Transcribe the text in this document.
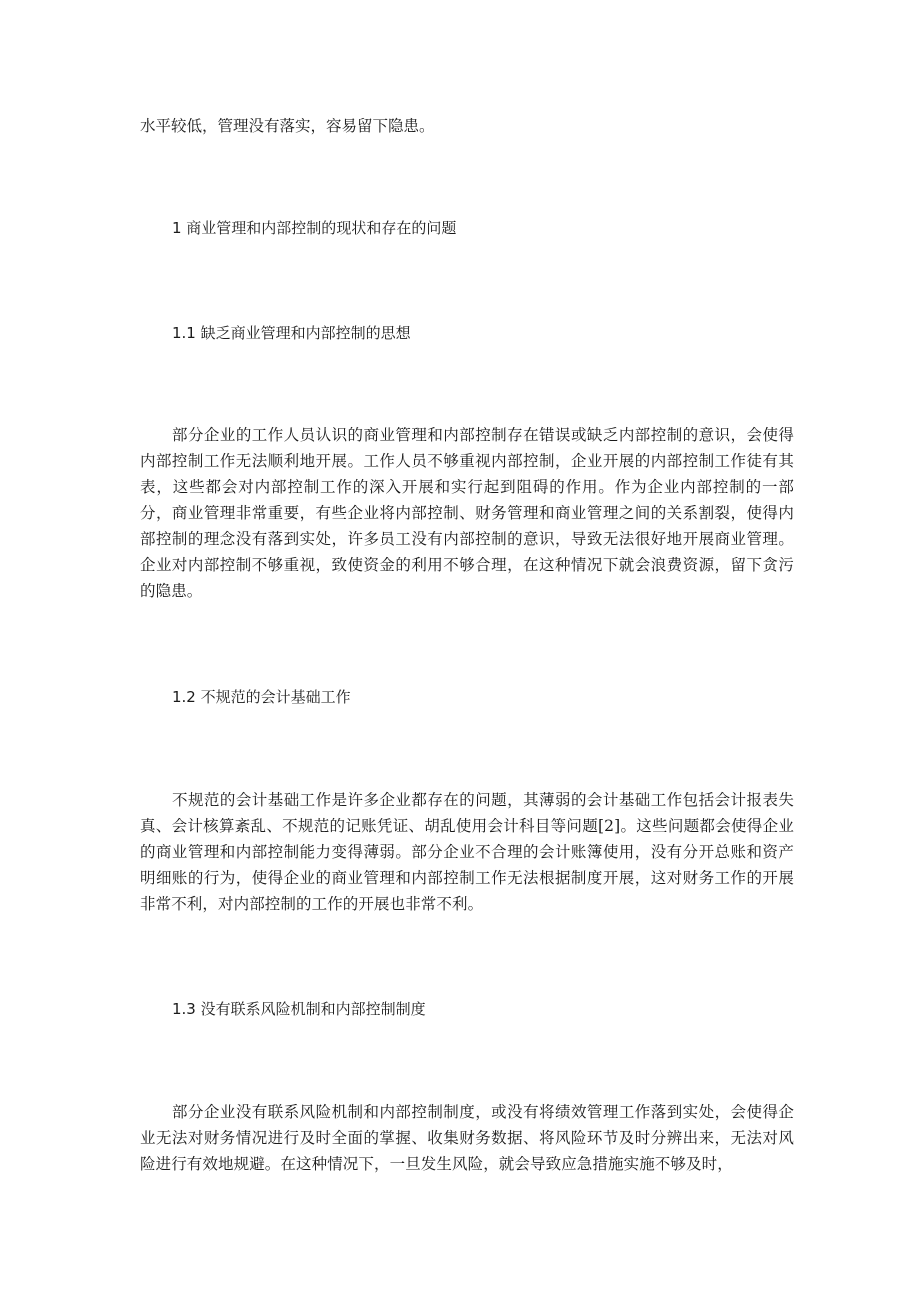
水平较低，管理没有落实，容易留下隐患。
1 商业管理和内部控制的现状和存在的问题
1.1 缺乏商业管理和内部控制的思想
部分企业的工作人员认识的商业管理和内部控制存在错误或缺乏内部控制的意识，会使得内部控制工作无法顺利地开展。工作人员不够重视内部控制，企业开展的内部控制工作徒有其表，这些都会对内部控制工作的深入开展和实行起到阻碍的作用。作为企业内部控制的一部分，商业管理非常重要，有些企业将内部控制、财务管理和商业管理之间的关系割裂，使得内部控制的理念没有落到实处，许多员工没有内部控制的意识，导致无法很好地开展商业管理。企业对内部控制不够重视，致使资金的利用不够合理，在这种情况下就会浪费资源，留下贪污的隐患。
1.2 不规范的会计基础工作
不规范的会计基础工作是许多企业都存在的问题，其薄弱的会计基础工作包括会计报表失真、会计核算紊乱、不规范的记账凭证、胡乱使用会计科目等问题[2]。这些问题都会使得企业的商业管理和内部控制能力变得薄弱。部分企业不合理的会计账簿使用，没有分开总账和资产明细账的行为，使得企业的商业管理和内部控制工作无法根据制度开展，这对财务工作的开展非常不利，对内部控制的工作的开展也非常不利。
1.3 没有联系风险机制和内部控制制度
部分企业没有联系风险机制和内部控制制度，或没有将绩效管理工作落到实处，会使得企业无法对财务情况进行及时全面的掌握、收集财务数据、将风险环节及时分辨出来，无法对风险进行有效地规避。在这种情况下，一旦发生风险，就会导致应急措施实施不够及时，
